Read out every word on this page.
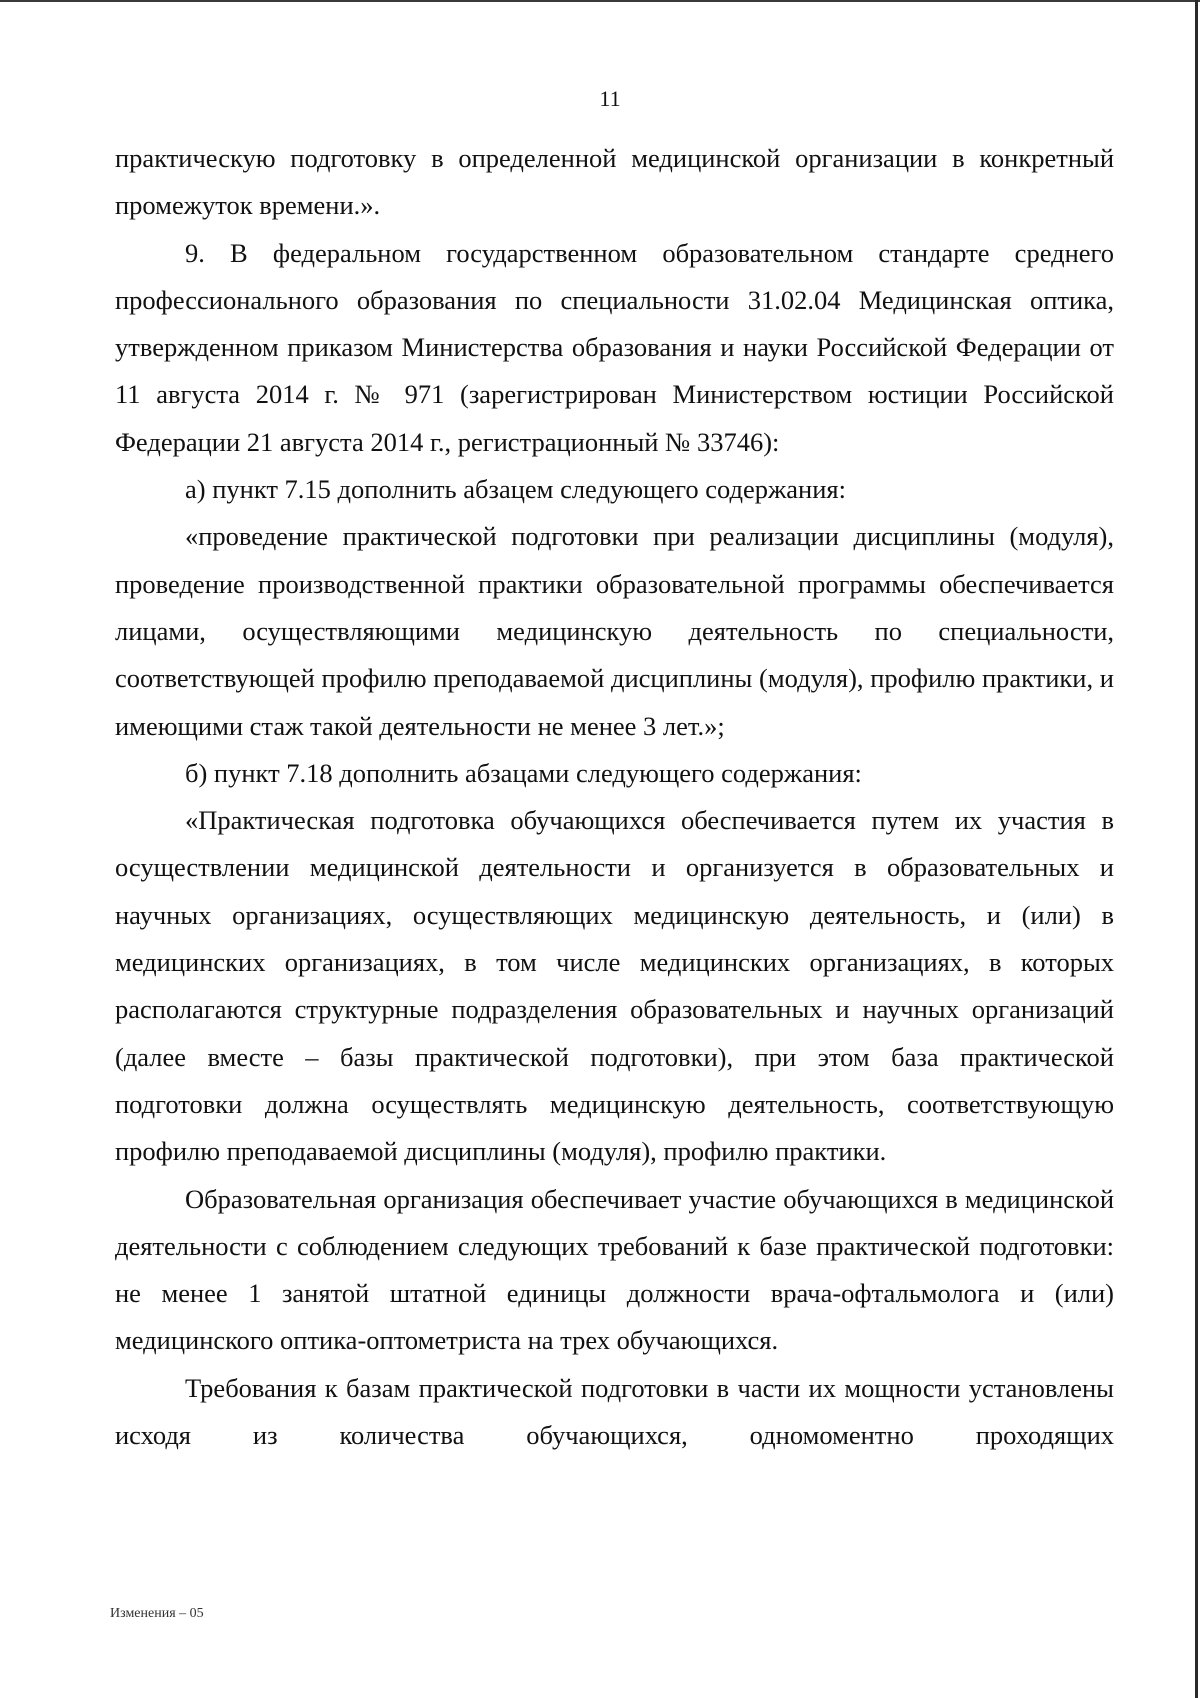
11

практическую подготовку в определенной медицинской организации в конкретный промежуток времени.».

9. В федеральном государственном образовательном стандарте среднего профессионального образования по специальности 31.02.04 Медицинская оптика, утвержденном приказом Министерства образования и науки Российской Федерации от 11 августа 2014 г. № 971 (зарегистрирован Министерством юстиции Российской Федерации 21 августа 2014 г., регистрационный № 33746):

а) пункт 7.15 дополнить абзацем следующего содержания:

«проведение практической подготовки при реализации дисциплины (модуля), проведение производственной практики образовательной программы обеспечивается лицами, осуществляющими медицинскую деятельность по специальности, соответствующей профилю преподаваемой дисциплины (модуля), профилю практики, и имеющими стаж такой деятельности не менее 3 лет.»;

б) пункт 7.18 дополнить абзацами следующего содержания:

«Практическая подготовка обучающихся обеспечивается путем их участия в осуществлении медицинской деятельности и организуется в образовательных и научных организациях, осуществляющих медицинскую деятельность, и (или) в медицинских организациях, в том числе медицинских организациях, в которых располагаются структурные подразделения образовательных и научных организаций (далее вместе – базы практической подготовки), при этом база практической подготовки должна осуществлять медицинскую деятельность, соответствующую профилю преподаваемой дисциплины (модуля), профилю практики.

Образовательная организация обеспечивает участие обучающихся в медицинской деятельности с соблюдением следующих требований к базе практической подготовки: не менее 1 занятой штатной единицы должности врача-офтальмолога и (или) медицинского оптика-оптометриста на трех обучающихся.

Требования к базам практической подготовки в части их мощности установлены исходя из количества обучающихся, одномоментно проходящих

Изменения – 05
